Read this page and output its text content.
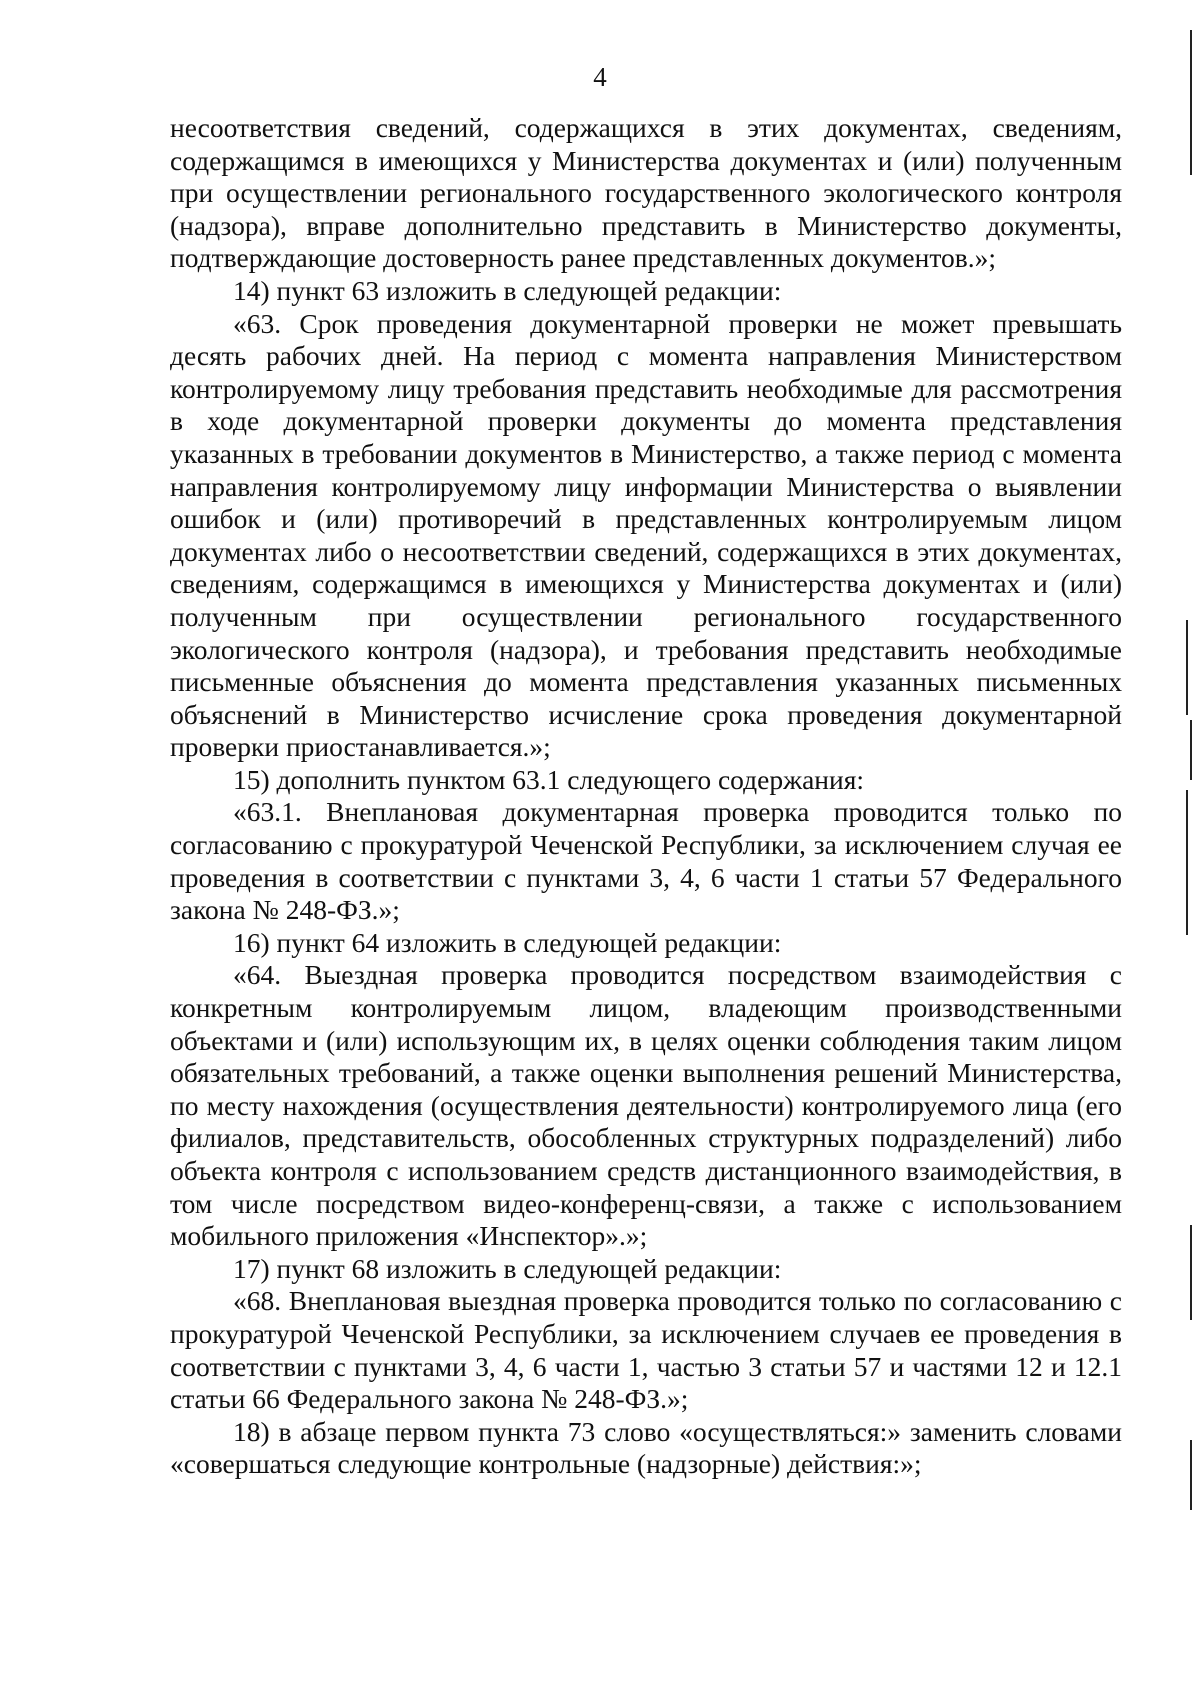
4

несоответствия сведений, содержащихся в этих документах, сведениям, содержащимся в имеющихся у Министерства документах и (или) полученным при осуществлении регионального государственного экологического контроля (надзора), вправе дополнительно представить в Министерство документы, подтверждающие достоверность ранее представленных документов.»;

14) пункт 63 изложить в следующей редакции:

«63. Срок проведения документарной проверки не может превышать десять рабочих дней. На период с момента направления Министерством контролируемому лицу требования представить необходимые для рассмотрения в ходе документарной проверки документы до момента представления указанных в требовании документов в Министерство, а также период с момента направления контролируемому лицу информации Министерства о выявлении ошибок и (или) противоречий в представленных контролируемым лицом документах либо о несоответствии сведений, содержащихся в этих документах, сведениям, содержащимся в имеющихся у Министерства документах и (или) полученным при осуществлении регионального государственного экологического контроля (надзора), и требования представить необходимые письменные объяснения до момента представления указанных письменных объяснений в Министерство исчисление срока проведения документарной проверки приостанавливается.»;

15) дополнить пунктом 63.1 следующего содержания:

«63.1. Внеплановая документарная проверка проводится только по согласованию с прокуратурой Чеченской Республики, за исключением случая ее проведения в соответствии с пунктами 3, 4, 6 части 1 статьи 57 Федерального закона № 248-ФЗ.»;

16) пункт 64 изложить в следующей редакции:

«64. Выездная проверка проводится посредством взаимодействия с конкретным контролируемым лицом, владеющим производственными объектами и (или) использующим их, в целях оценки соблюдения таким лицом обязательных требований, а также оценки выполнения решений Министерства, по месту нахождения (осуществления деятельности) контролируемого лица (его филиалов, представительств, обособленных структурных подразделений) либо объекта контроля с использованием средств дистанционного взаимодействия, в том числе посредством видео-конференц-связи, а также с использованием мобильного приложения «Инспектор».»;

17) пункт 68 изложить в следующей редакции:

«68. Внеплановая выездная проверка проводится только по согласованию с прокуратурой Чеченской Республики, за исключением случаев ее проведения в соответствии с пунктами 3, 4, 6 части 1, частью 3 статьи 57 и частями 12 и 12.1 статьи 66 Федерального закона № 248-ФЗ.»;

18) в абзаце первом пункта 73 слово «осуществляться:» заменить словами «совершаться следующие контрольные (надзорные) действия:»;
